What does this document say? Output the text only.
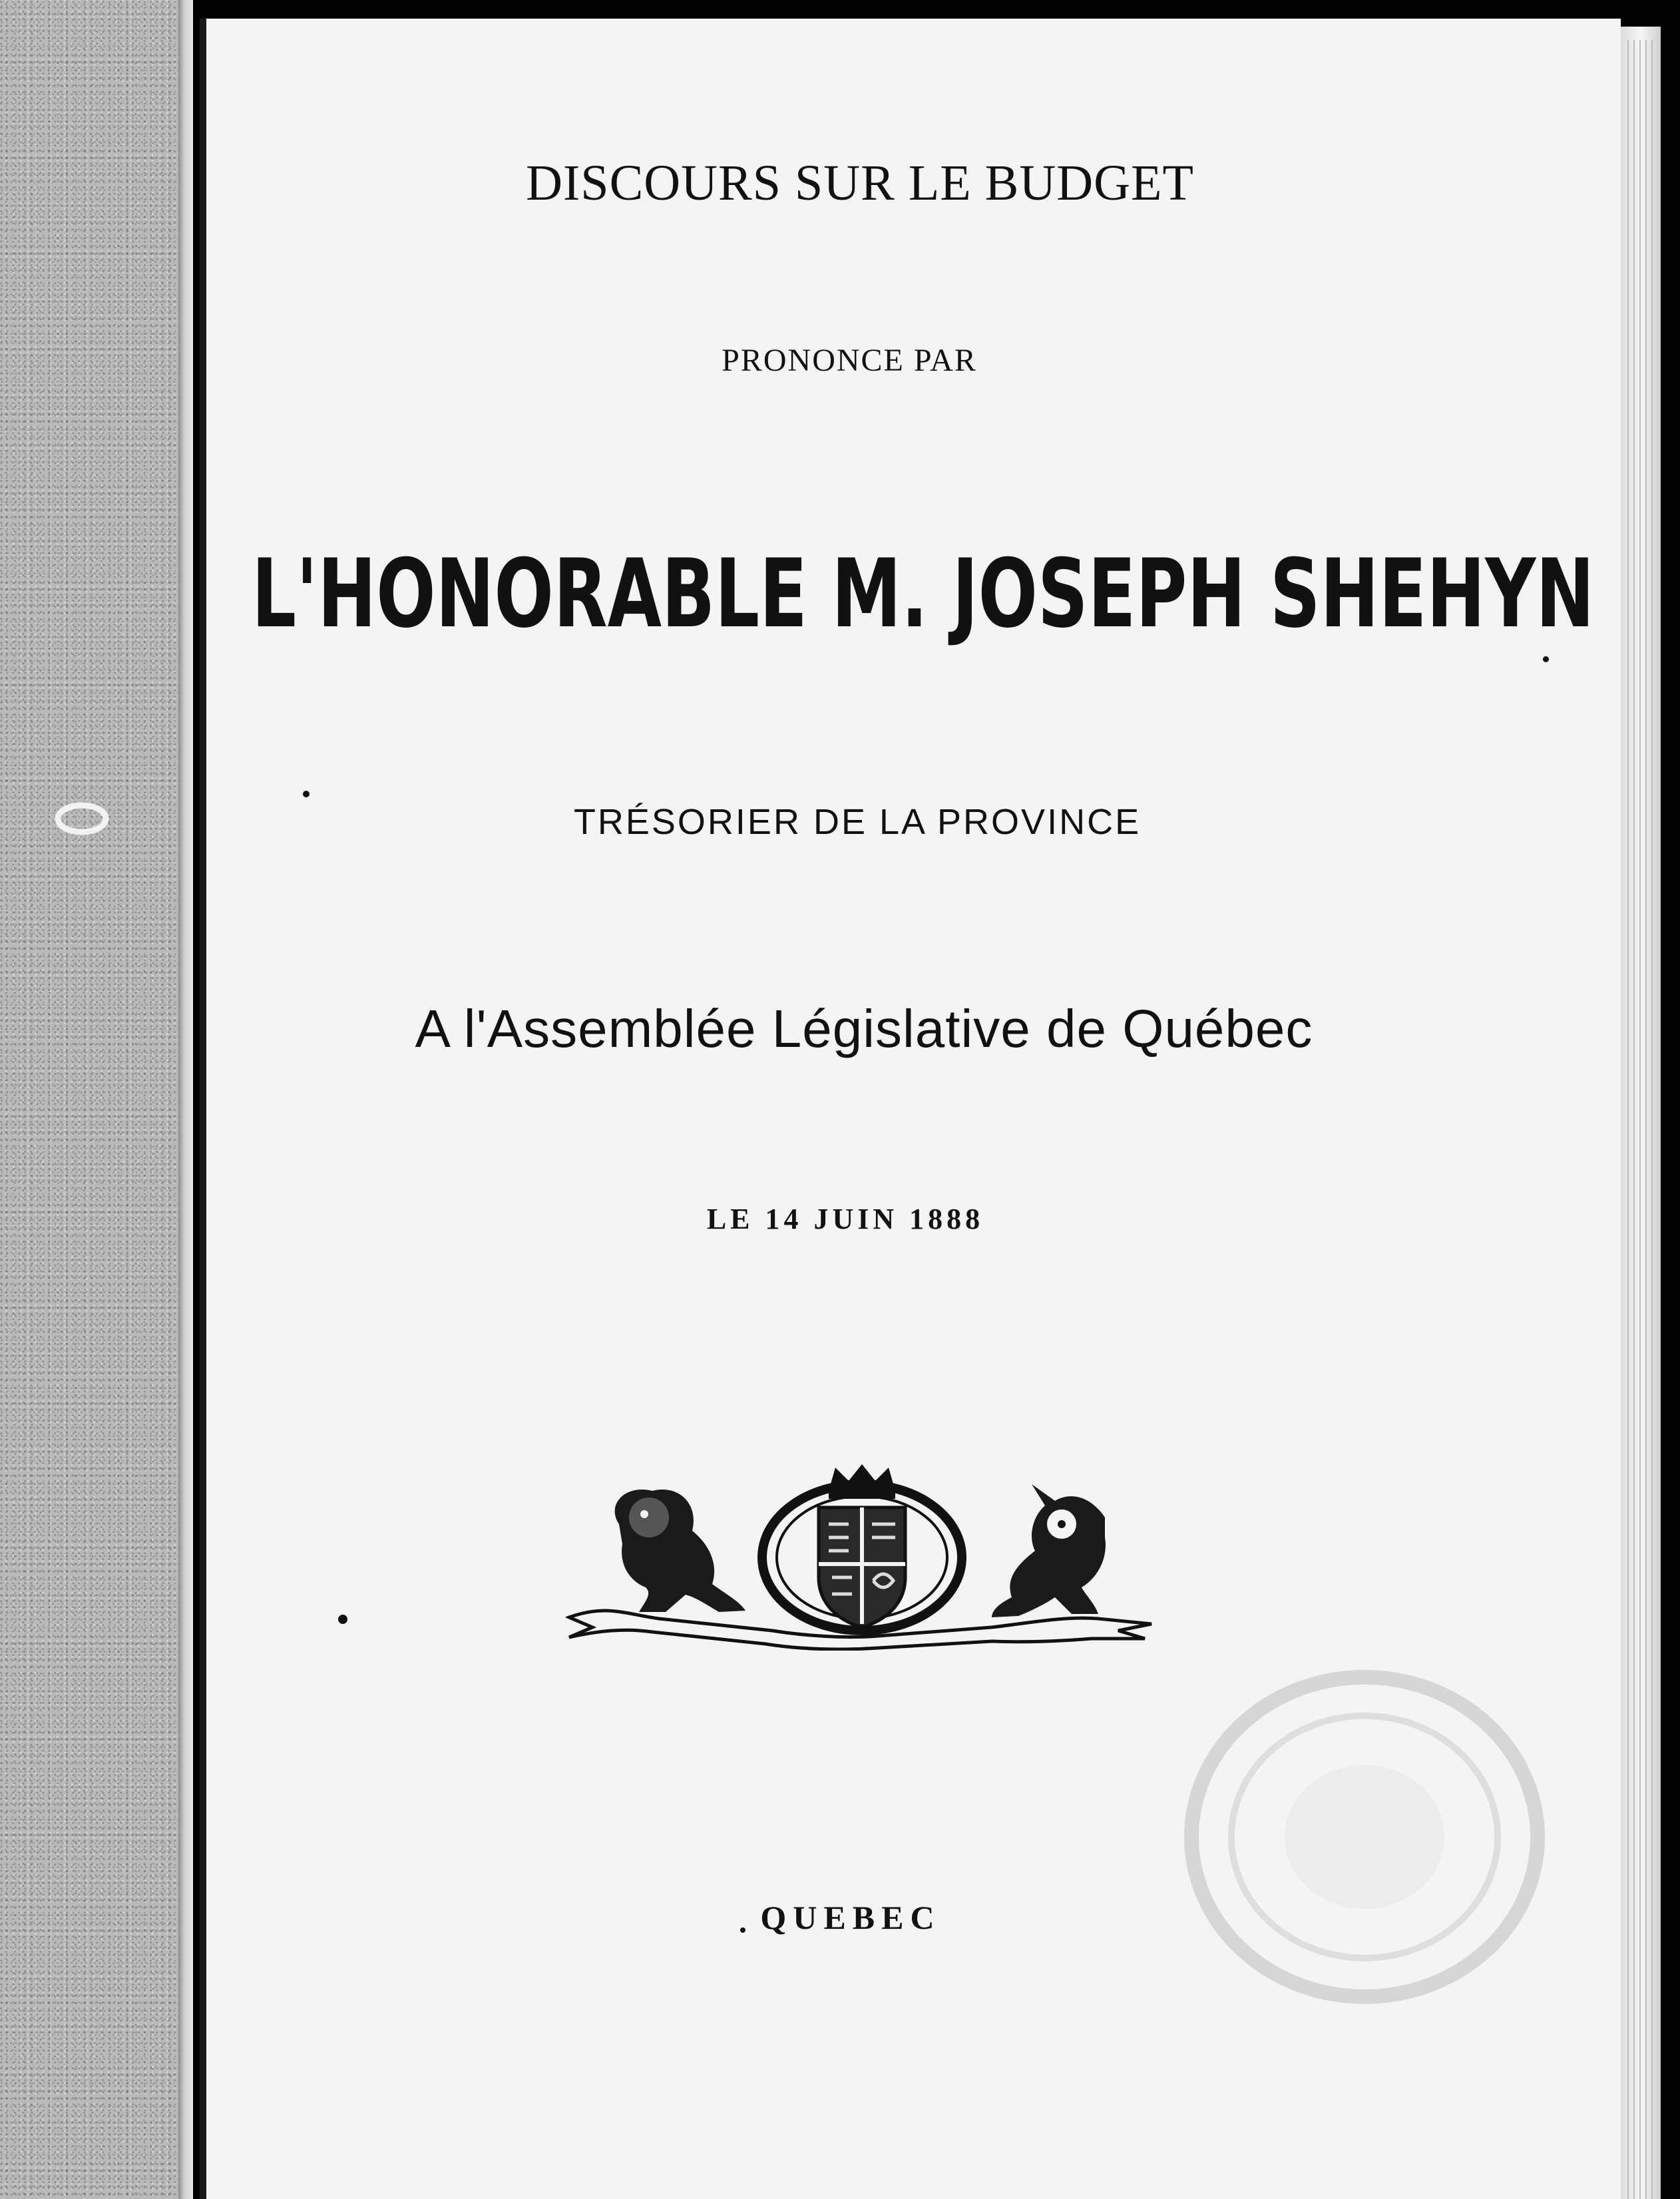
DISCOURS SUR LE BUDGET
PRONONCE PAR
L'HONORABLE M. JOSEPH SHEHYN
TRÉSORIER DE LA PROVINCE
A l'Assemblée Législative de Québec
LE 14 JUIN 1888
QUEBEC
